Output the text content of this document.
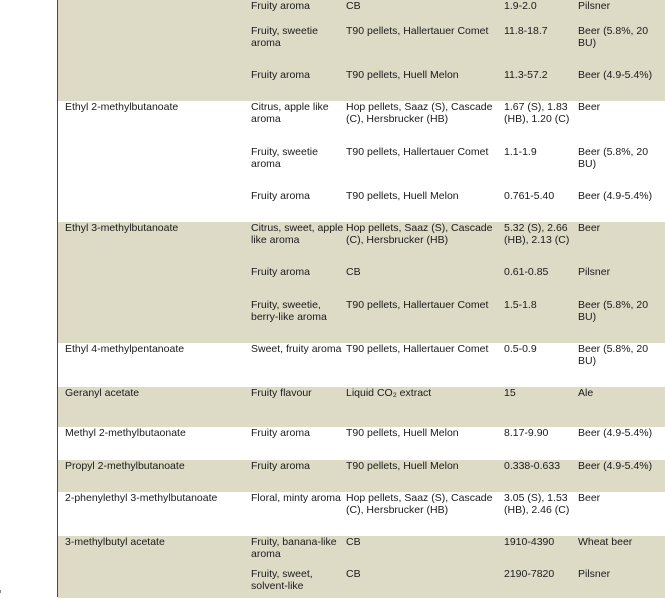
	Fruity aroma	CB	1.9-2.0	Pilsner
	Fruity, sweetie aroma	T90 pellets, Hallertauer Comet	11.8-18.7	Beer (5.8%, 20 BU)
	Fruity aroma	T90 pellets, Huell Melon	11.3-57.2	Beer (4.9-5.4%)
Ethyl 2-methylbutanoate	Citrus, apple like aroma	Hop pellets, Saaz (S), Cascade (C), Hersbrucker (HB)	1.67 (S), 1.83 (HB), 1.20 (C)	Beer
	Fruity, sweetie aroma	T90 pellets, Hallertauer Comet	1.1-1.9	Beer (5.8%, 20 BU)
	Fruity aroma	T90 pellets, Huell Melon	0.761-5.40	Beer (4.9-5.4%)
Ethyl 3-methylbutanoate	Citrus, sweet, apple like aroma	Hop pellets, Saaz (S), Cascade (C), Hersbrucker (HB)	5.32 (S), 2.66 (HB), 2.13 (C)	Beer
	Fruity aroma	CB	0.61-0.85	Pilsner
	Fruity, sweetie, berry-like aroma	T90 pellets, Hallertauer Comet	1.5-1.8	Beer (5.8%, 20 BU)
Ethyl 4-methylpentanoate	Sweet, fruity aroma	T90 pellets, Hallertauer Comet	0.5-0.9	Beer (5.8%, 20 BU)
Geranyl acetate	Fruity flavour	Liquid CO₂ extract	15	Ale
Methyl 2-methylbutaonate	Fruity aroma	T90 pellets, Huell Melon	8.17-9.90	Beer (4.9-5.4%)
Propyl 2-methylbutanoate	Fruity aroma	T90 pellets, Huell Melon	0.338-0.633	Beer (4.9-5.4%)
2-phenylethyl 3-methylbutanoate	Floral, minty aroma	Hop pellets, Saaz (S), Cascade (C), Hersbrucker (HB)	3.05 (S), 1.53 (HB), 2.46 (C)	Beer
3-methylbutyl acetate	Fruity, banana-like aroma	CB	1910-4390	Wheat beer
	Fruity, sweet, solvent-like	CB	2190-7820	Pilsner
